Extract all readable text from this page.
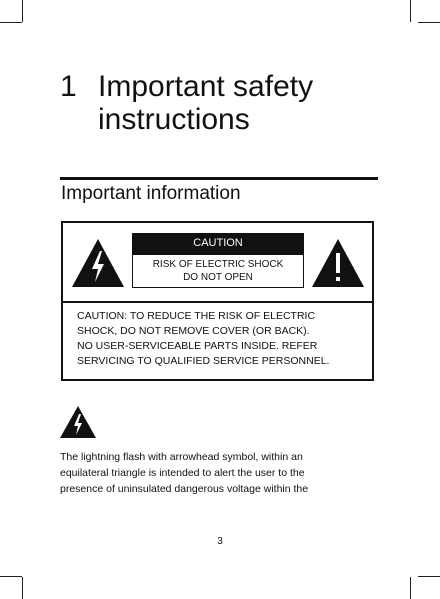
1 Important safety
instructions
Important information
CAUTION
RISK OF ELECTRIC SHOCK
DO NOT OPEN
CAUTION: TO REDUCE THE RISK OF ELECTRIC
SHOCK, DO NOT REMOVE COVER (OR BACK).
NO USER-SERVICEABLE PARTS INSIDE. REFER
SERVICING TO QUALIFIED SERVICE PERSONNEL.
The lightning flash with arrowhead symbol, within an
equilateral triangle is intended to alert the user to the
presence of uninsulated dangerous voltage within the
3
